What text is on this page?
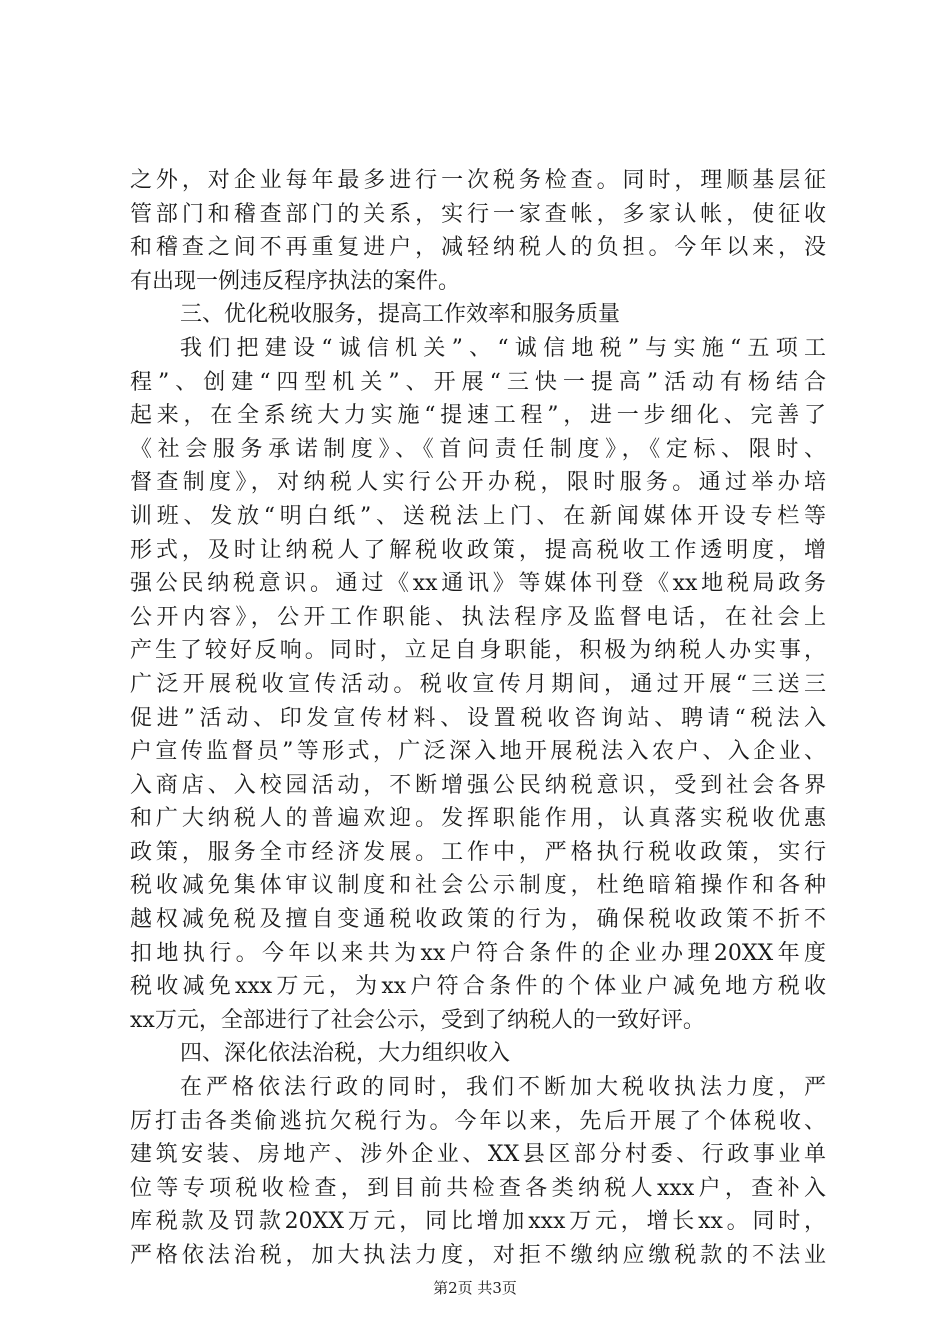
之外，对企业每年最多进行一次税务检查。同时，理顺基层征
管部门和稽查部门的关系，实行一家查帐，多家认帐，使征收
和稽查之间不再重复进户，减轻纳税人的负担。今年以来，没
有出现一例违反程序执法的案件。
三、优化税收服务，提高工作效率和服务质量
我们把建设“诚信机关”、“诚信地税”与实施“五项工
程”、创建“四型机关”、开展“三快一提高”活动有杨结合
起来，在全系统大力实施“提速工程”，进一步细化、完善了
《社会服务承诺制度》、《首问责任制度》，《定标、限时、
督查制度》，对纳税人实行公开办税，限时服务。通过举办培
训班、发放“明白纸”、送税法上门、在新闻媒体开设专栏等
形式，及时让纳税人了解税收政策，提高税收工作透明度，增
强公民纳税意识。通过《xx通讯》等媒体刊登《xx地税局政务
公开内容》，公开工作职能、执法程序及监督电话，在社会上
产生了较好反响。同时，立足自身职能，积极为纳税人办实事，
广泛开展税收宣传活动。税收宣传月期间，通过开展“三送三
促进”活动、印发宣传材料、设置税收咨询站、聘请“税法入
户宣传监督员”等形式，广泛深入地开展税法入农户、入企业、
入商店、入校园活动，不断增强公民纳税意识，受到社会各界
和广大纳税人的普遍欢迎。发挥职能作用，认真落实税收优惠
政策，服务全市经济发展。工作中，严格执行税收政策，实行
税收减免集体审议制度和社会公示制度，杜绝暗箱操作和各种
越权减免税及擅自变通税收政策的行为，确保税收政策不折不
扣地执行。今年以来共为xx户符合条件的企业办理20XX年度
税收减免xxx万元，为xx户符合条件的个体业户减免地方税收
xx万元，全部进行了社会公示，受到了纳税人的一致好评。
四、深化依法治税，大力组织收入
在严格依法行政的同时，我们不断加大税收执法力度，严
厉打击各类偷逃抗欠税行为。今年以来，先后开展了个体税收、
建筑安装、房地产、涉外企业、XX县区部分村委、行政事业单
位等专项税收检查，到目前共检查各类纳税人xxx户，查补入
库税款及罚款20XX万元，同比增加xxx万元，增长xx。同时，
严格依法治税，加大执法力度，对拒不缴纳应缴税款的不法业
第2页 共3页
